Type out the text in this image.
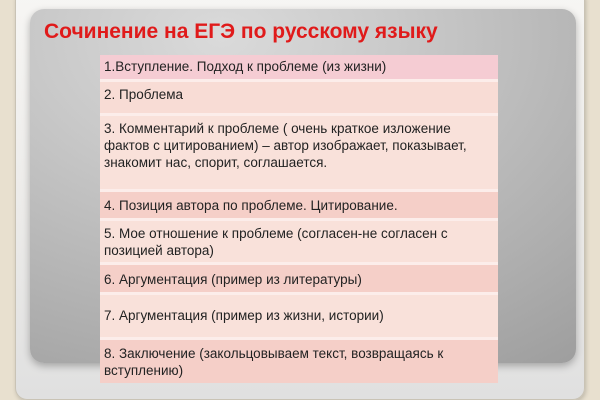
Сочинение на ЕГЭ по русскому языку
1.Вступление. Подход к проблеме (из жизни)
2. Проблема
3. Комментарий к проблеме ( очень краткое изложение фактов с цитированием) – автор изображает, показывает, знакомит нас, спорит, соглашается.
4. Позиция автора по проблеме. Цитирование.
5. Мое отношение к проблеме (согласен-не согласен с позицией автора)
6. Аргументация (пример из литературы)
7. Аргументация (пример из жизни, истории)
8. Заключение (закольцовываем текст, возвращаясь к вступлению)
